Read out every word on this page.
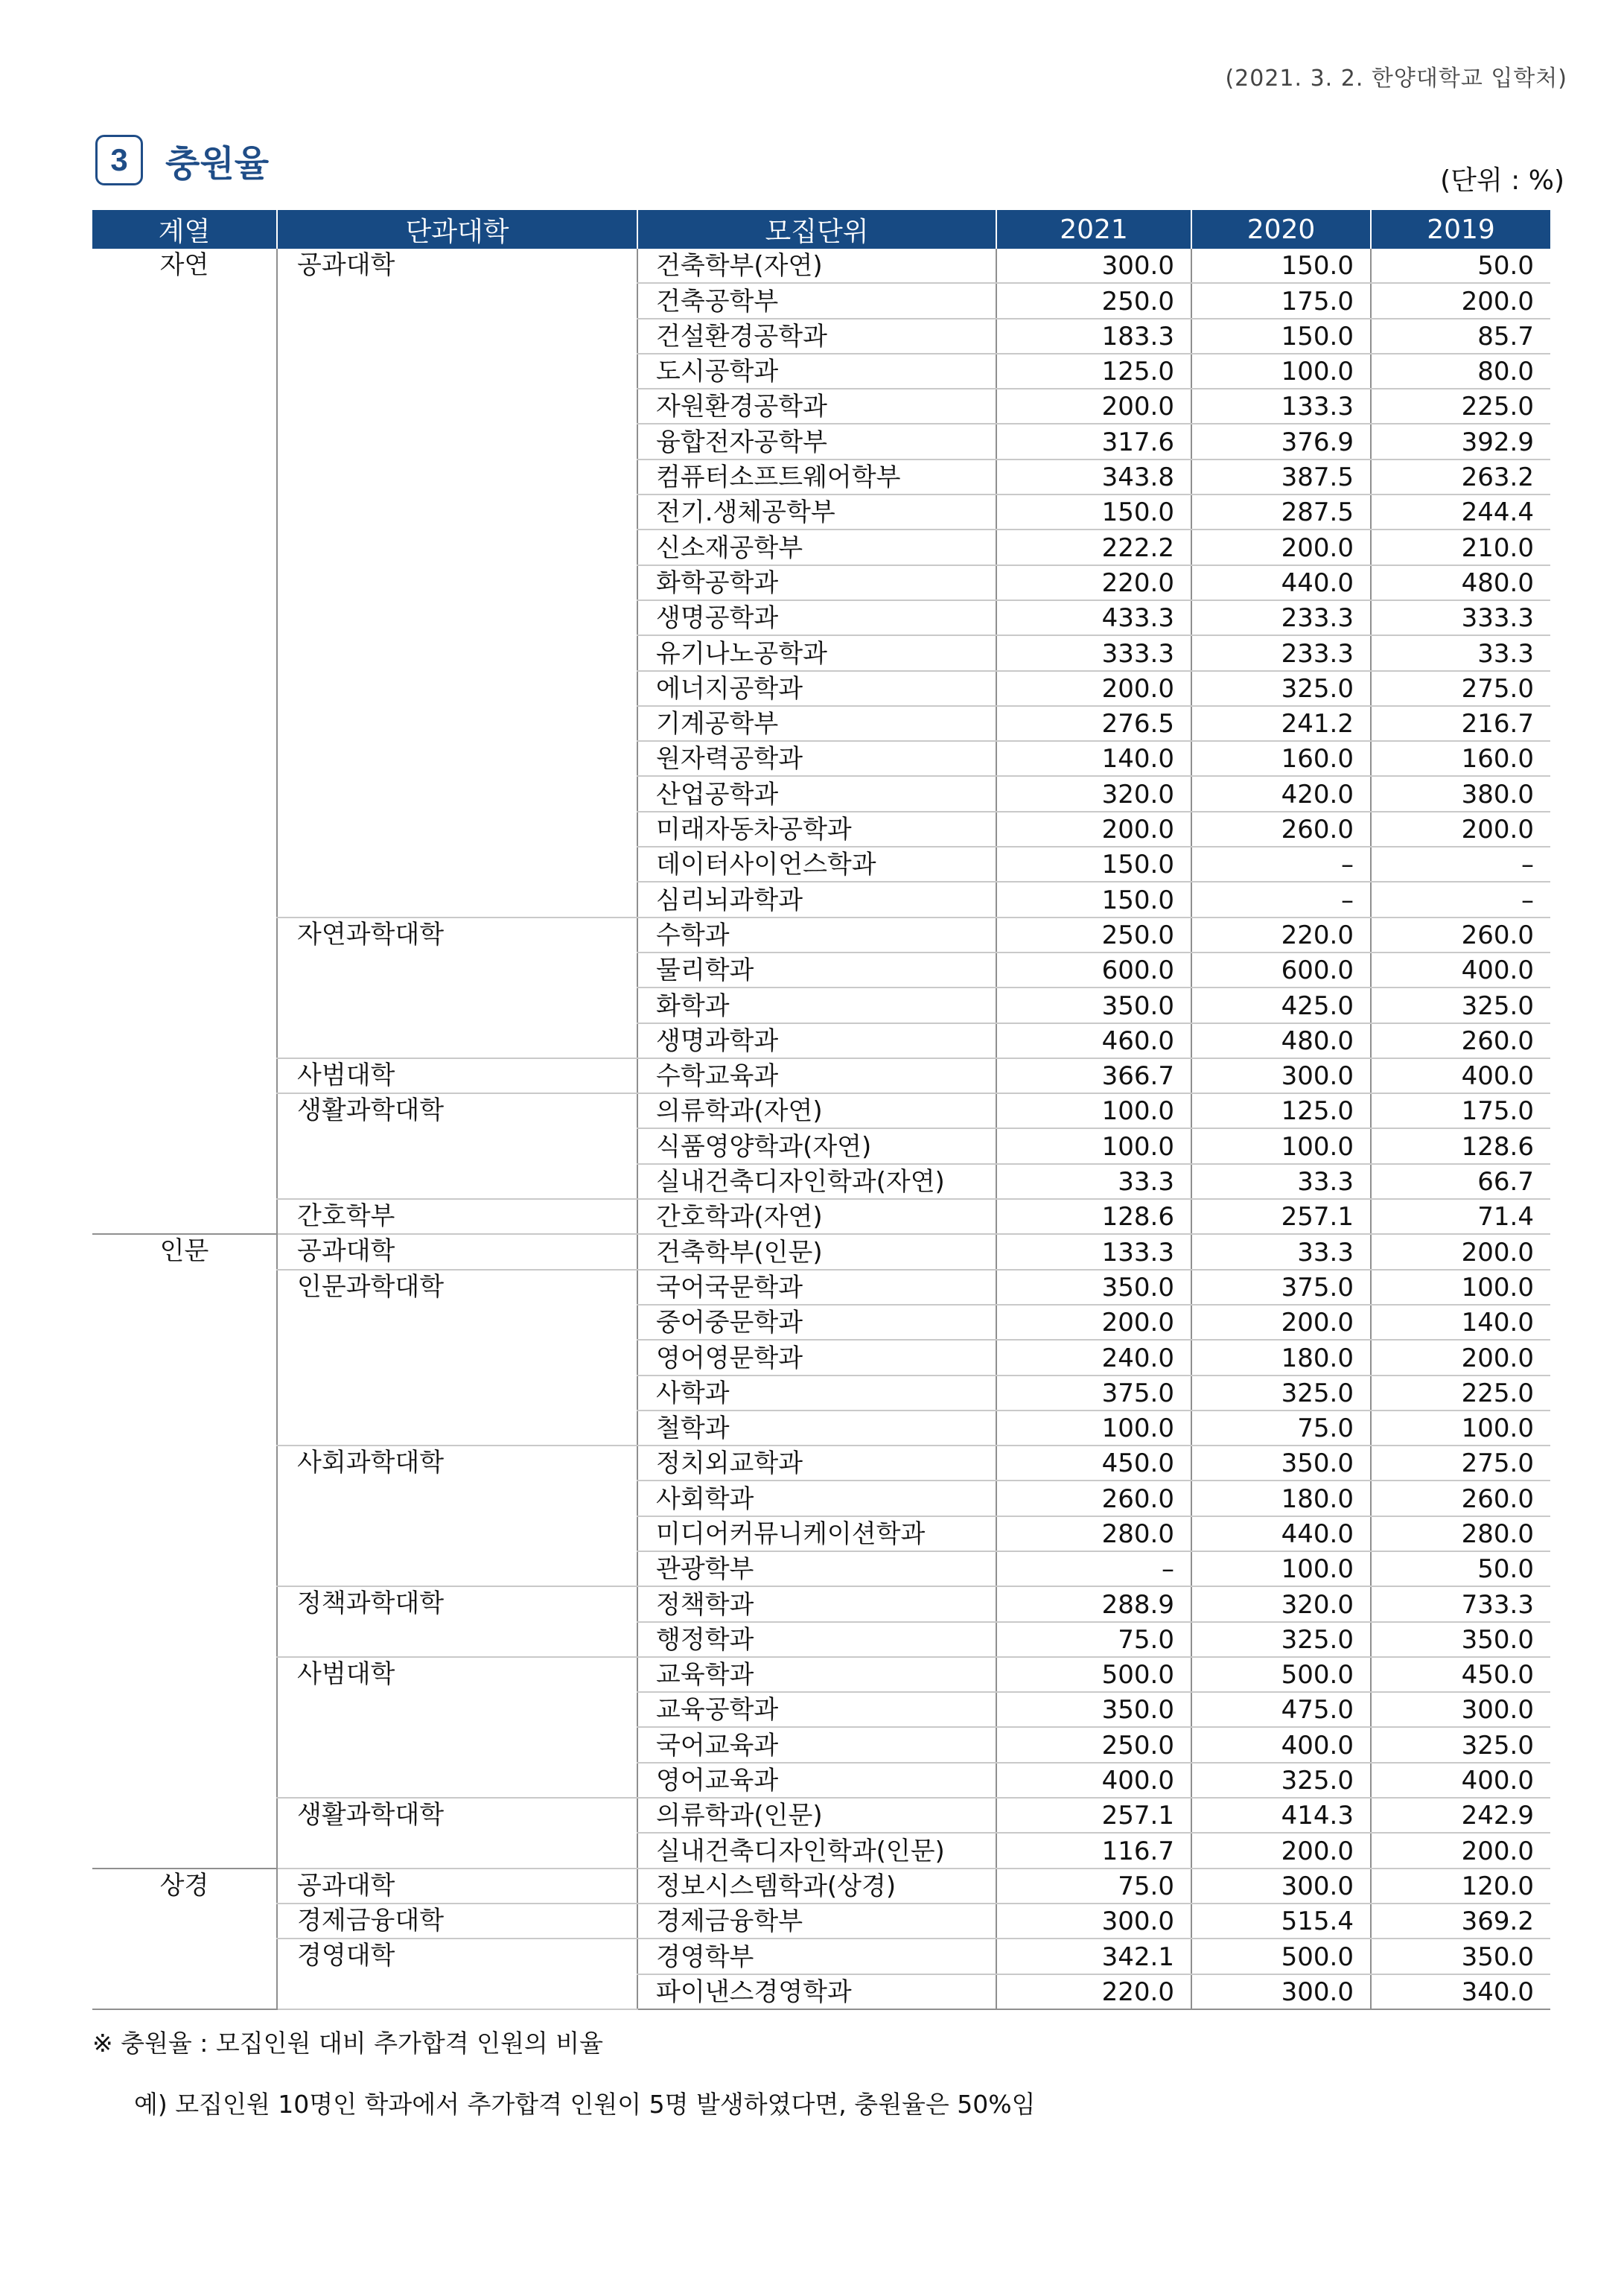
(2021. 3. 2. 한양대학교 입학처)
3	충원율	(단위 : %)
계열	단과대학	모집단위	2021	2020	2019
자연	공과대학	건축학부(자연)	300.0	150.0	50.0
		건축공학부	250.0	175.0	200.0
		건설환경공학과	183.3	150.0	85.7
		도시공학과	125.0	100.0	80.0
		자원환경공학과	200.0	133.3	225.0
		융합전자공학부	317.6	376.9	392.9
		컴퓨터소프트웨어학부	343.8	387.5	263.2
		전기.생체공학부	150.0	287.5	244.4
		신소재공학부	222.2	200.0	210.0
		화학공학과	220.0	440.0	480.0
		생명공학과	433.3	233.3	333.3
		유기나노공학과	333.3	233.3	33.3
		에너지공학과	200.0	325.0	275.0
		기계공학부	276.5	241.2	216.7
		원자력공학과	140.0	160.0	160.0
		산업공학과	320.0	420.0	380.0
		미래자동차공학과	200.0	260.0	200.0
		데이터사이언스학과	150.0	–	–
		심리뇌과학과	150.0	–	–
	자연과학대학	수학과	250.0	220.0	260.0
		물리학과	600.0	600.0	400.0
		화학과	350.0	425.0	325.0
		생명과학과	460.0	480.0	260.0
	사범대학	수학교육과	366.7	300.0	400.0
	생활과학대학	의류학과(자연)	100.0	125.0	175.0
		식품영양학과(자연)	100.0	100.0	128.6
		실내건축디자인학과(자연)	33.3	33.3	66.7
	간호학부	간호학과(자연)	128.6	257.1	71.4
인문	공과대학	건축학부(인문)	133.3	33.3	200.0
	인문과학대학	국어국문학과	350.0	375.0	100.0
		중어중문학과	200.0	200.0	140.0
		영어영문학과	240.0	180.0	200.0
		사학과	375.0	325.0	225.0
		철학과	100.0	75.0	100.0
	사회과학대학	정치외교학과	450.0	350.0	275.0
		사회학과	260.0	180.0	260.0
		미디어커뮤니케이션학과	280.0	440.0	280.0
		관광학부	–	100.0	50.0
	정책과학대학	정책학과	288.9	320.0	733.3
		행정학과	75.0	325.0	350.0
	사범대학	교육학과	500.0	500.0	450.0
		교육공학과	350.0	475.0	300.0
		국어교육과	250.0	400.0	325.0
		영어교육과	400.0	325.0	400.0
	생활과학대학	의류학과(인문)	257.1	414.3	242.9
		실내건축디자인학과(인문)	116.7	200.0	200.0
상경	공과대학	정보시스템학과(상경)	75.0	300.0	120.0
	경제금융대학	경제금융학부	300.0	515.4	369.2
	경영대학	경영학부	342.1	500.0	350.0
		파이낸스경영학과	220.0	300.0	340.0
※ 충원율 : 모집인원 대비 추가합격 인원의 비율
예) 모집인원 10명인 학과에서 추가합격 인원이 5명 발생하였다면, 충원율은 50%임
